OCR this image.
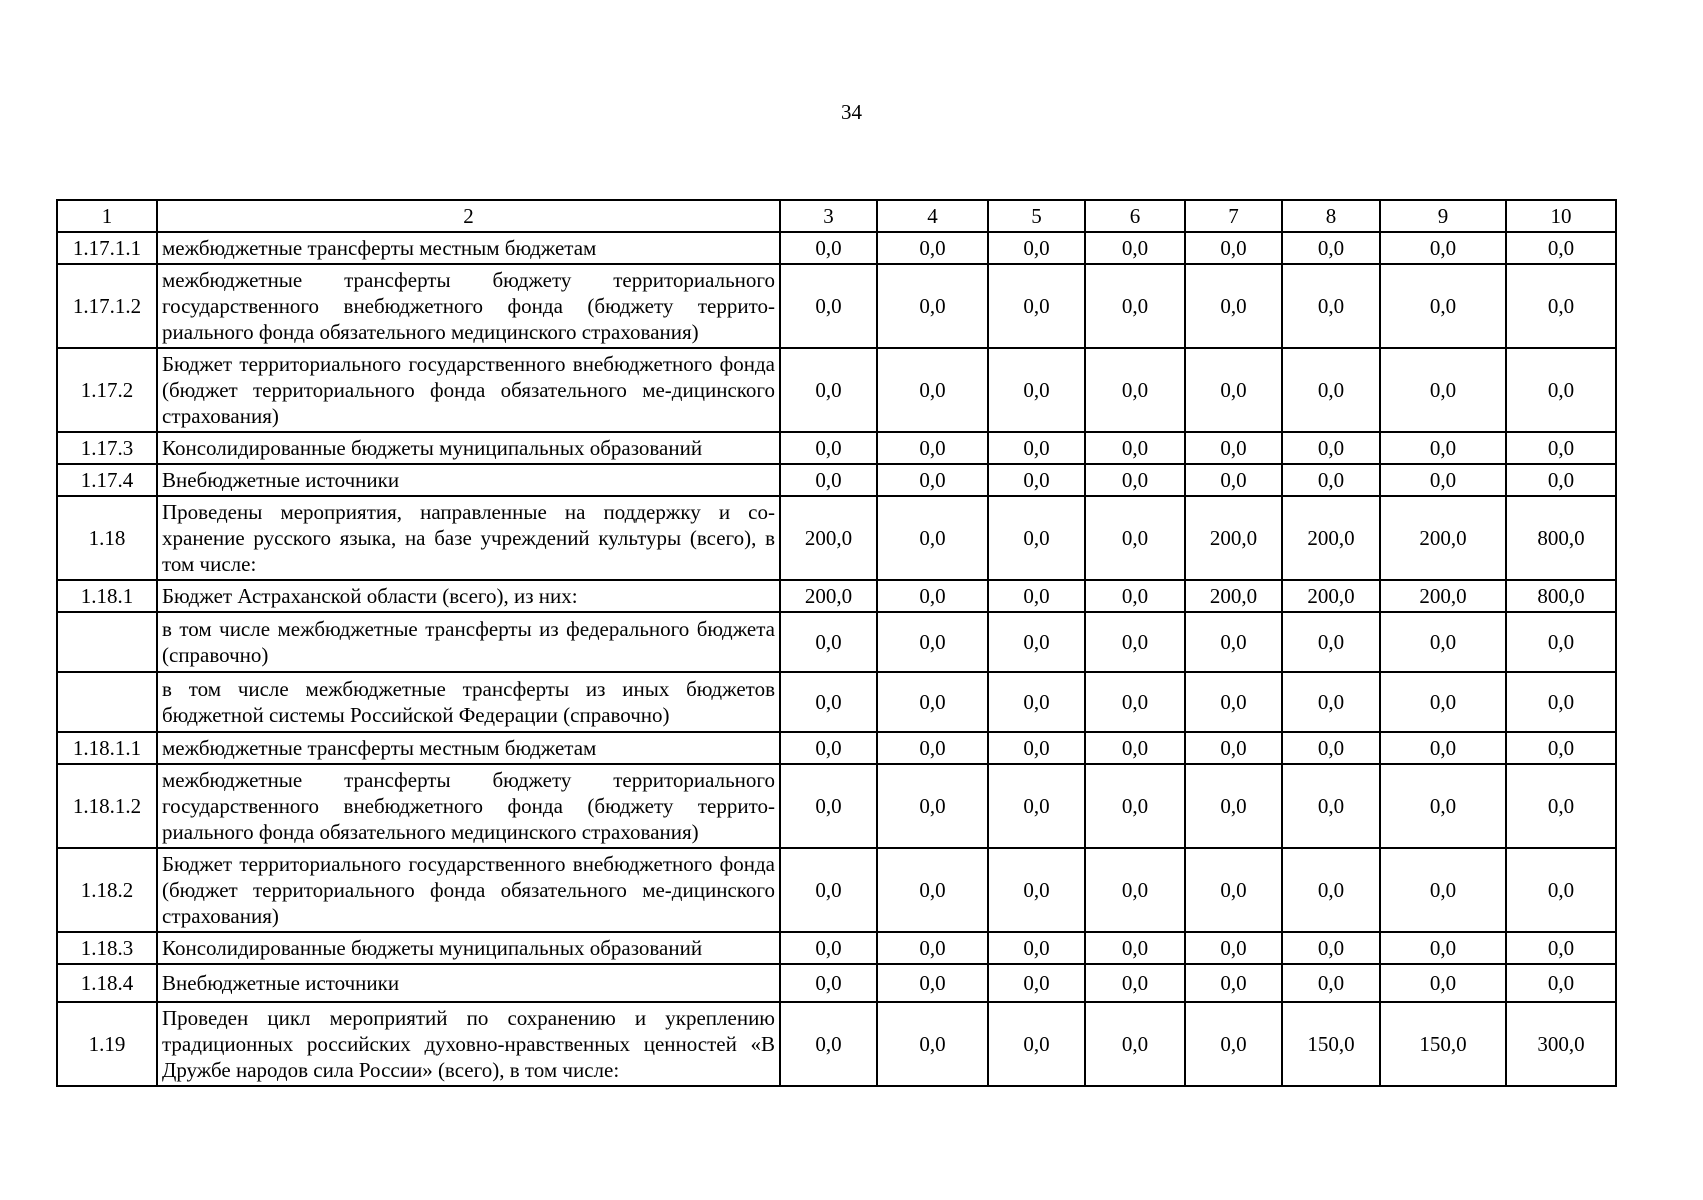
34
1	2	3	4	5	6	7	8	9	10
1.17.1.1	межбюджетные трансферты местным бюджетам	0,0	0,0	0,0	0,0	0,0	0,0	0,0	0,0
1.17.1.2	межбюджетные трансферты бюджету территориального государственного внебюджетного фонда (бюджету террито-риального фонда обязательного медицинского страхования)	0,0	0,0	0,0	0,0	0,0	0,0	0,0	0,0
1.17.2	Бюджет территориального государственного внебюджетного фонда (бюджет территориального фонда обязательного ме-дицинского страхования)	0,0	0,0	0,0	0,0	0,0	0,0	0,0	0,0
1.17.3	Консолидированные бюджеты муниципальных образований	0,0	0,0	0,0	0,0	0,0	0,0	0,0	0,0
1.17.4	Внебюджетные источники	0,0	0,0	0,0	0,0	0,0	0,0	0,0	0,0
1.18	Проведены мероприятия, направленные на поддержку и со-хранение русского языка, на базе учреждений культуры (всего), в том числе:	200,0	0,0	0,0	0,0	200,0	200,0	200,0	800,0
1.18.1	Бюджет Астраханской области (всего), из них:	200,0	0,0	0,0	0,0	200,0	200,0	200,0	800,0
	в том числе межбюджетные трансферты из федерального бюджета (справочно)	0,0	0,0	0,0	0,0	0,0	0,0	0,0	0,0
	в том числе межбюджетные трансферты из иных бюджетов бюджетной системы Российской Федерации (справочно)	0,0	0,0	0,0	0,0	0,0	0,0	0,0	0,0
1.18.1.1	межбюджетные трансферты местным бюджетам	0,0	0,0	0,0	0,0	0,0	0,0	0,0	0,0
1.18.1.2	межбюджетные трансферты бюджету территориального государственного внебюджетного фонда (бюджету террито-риального фонда обязательного медицинского страхования)	0,0	0,0	0,0	0,0	0,0	0,0	0,0	0,0
1.18.2	Бюджет территориального государственного внебюджетного фонда (бюджет территориального фонда обязательного ме-дицинского страхования)	0,0	0,0	0,0	0,0	0,0	0,0	0,0	0,0
1.18.3	Консолидированные бюджеты муниципальных образований	0,0	0,0	0,0	0,0	0,0	0,0	0,0	0,0
1.18.4	Внебюджетные источники	0,0	0,0	0,0	0,0	0,0	0,0	0,0	0,0
1.19	Проведен цикл мероприятий по сохранению и укреплению традиционных российских духовно-нравственных ценностей «В Дружбе народов сила России» (всего), в том числе:	0,0	0,0	0,0	0,0	0,0	150,0	150,0	300,0
